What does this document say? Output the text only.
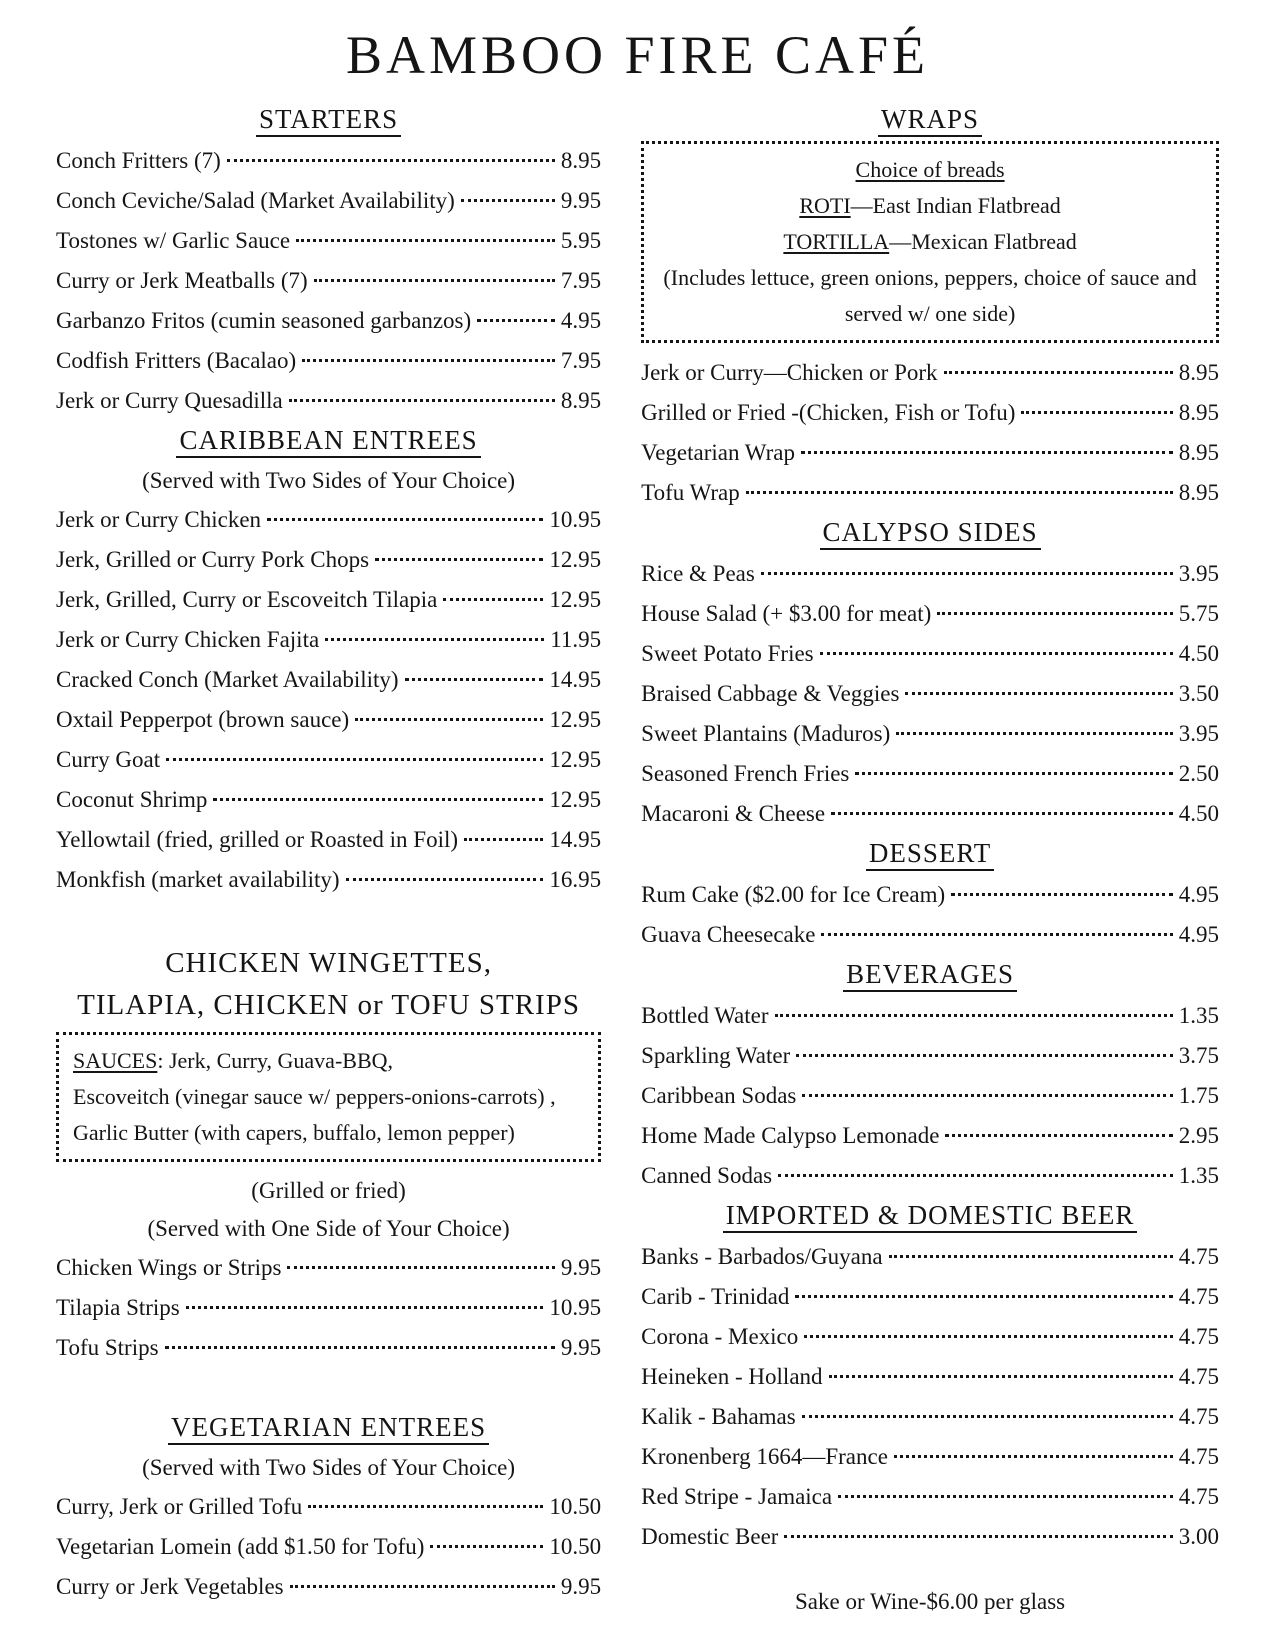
BAMBOO FIRE CAFÉ
STARTERS
Conch Fritters (7)	8.95
Conch Ceviche/Salad (Market Availability)	9.95
Tostones w/ Garlic Sauce	5.95
Curry or Jerk Meatballs (7)	7.95
Garbanzo Fritos (cumin seasoned garbanzos)	4.95
Codfish Fritters (Bacalao)	7.95
Jerk or Curry Quesadilla	8.95
CARIBBEAN ENTREES
(Served with Two Sides of Your Choice)
Jerk or Curry Chicken	10.95
Jerk, Grilled or Curry Pork Chops	12.95
Jerk, Grilled, Curry or Escoveitch Tilapia	12.95
Jerk or Curry Chicken Fajita	11.95
Cracked Conch (Market Availability)	14.95
Oxtail Pepperpot (brown sauce)	12.95
Curry Goat	12.95
Coconut Shrimp	12.95
Yellowtail (fried, grilled or Roasted in Foil)	14.95
Monkfish (market availability)	16.95
CHICKEN WINGETTES,
TILAPIA, CHICKEN or TOFU STRIPS
SAUCES: Jerk, Curry, Guava-BBQ,
Escoveitch (vinegar sauce w/ peppers-onions-carrots) ,
Garlic Butter (with capers, buffalo, lemon pepper)
(Grilled or fried)
(Served with One Side of Your Choice)
Chicken Wings or Strips	9.95
Tilapia Strips	10.95
Tofu Strips	9.95
VEGETARIAN ENTREES
(Served with Two Sides of Your Choice)
Curry, Jerk or Grilled Tofu	10.50
Vegetarian Lomein (add $1.50 for Tofu)	10.50
Curry or Jerk Vegetables	9.95
WRAPS
Choice of breads
ROTI—East Indian Flatbread
TORTILLA—Mexican Flatbread
(Includes lettuce, green onions, peppers, choice of sauce and served w/ one side)
Jerk or Curry—Chicken or Pork	8.95
Grilled or Fried -(Chicken, Fish or Tofu)	8.95
Vegetarian Wrap	8.95
Tofu Wrap	8.95
CALYPSO SIDES
Rice & Peas	3.95
House Salad (+ $3.00 for meat)	5.75
Sweet Potato Fries	4.50
Braised Cabbage & Veggies	3.50
Sweet Plantains (Maduros)	3.95
Seasoned French Fries	2.50
Macaroni & Cheese	4.50
DESSERT
Rum Cake ($2.00 for Ice Cream)	4.95
Guava Cheesecake	4.95
BEVERAGES
Bottled Water	1.35
Sparkling Water	3.75
Caribbean Sodas	1.75
Home Made Calypso Lemonade	2.95
Canned Sodas	1.35
IMPORTED & DOMESTIC BEER
Banks - Barbados/Guyana	4.75
Carib - Trinidad	4.75
Corona - Mexico	4.75
Heineken - Holland	4.75
Kalik - Bahamas	4.75
Kronenberg 1664—France	4.75
Red Stripe - Jamaica	4.75
Domestic Beer	3.00
Sake or Wine-$6.00 per glass
